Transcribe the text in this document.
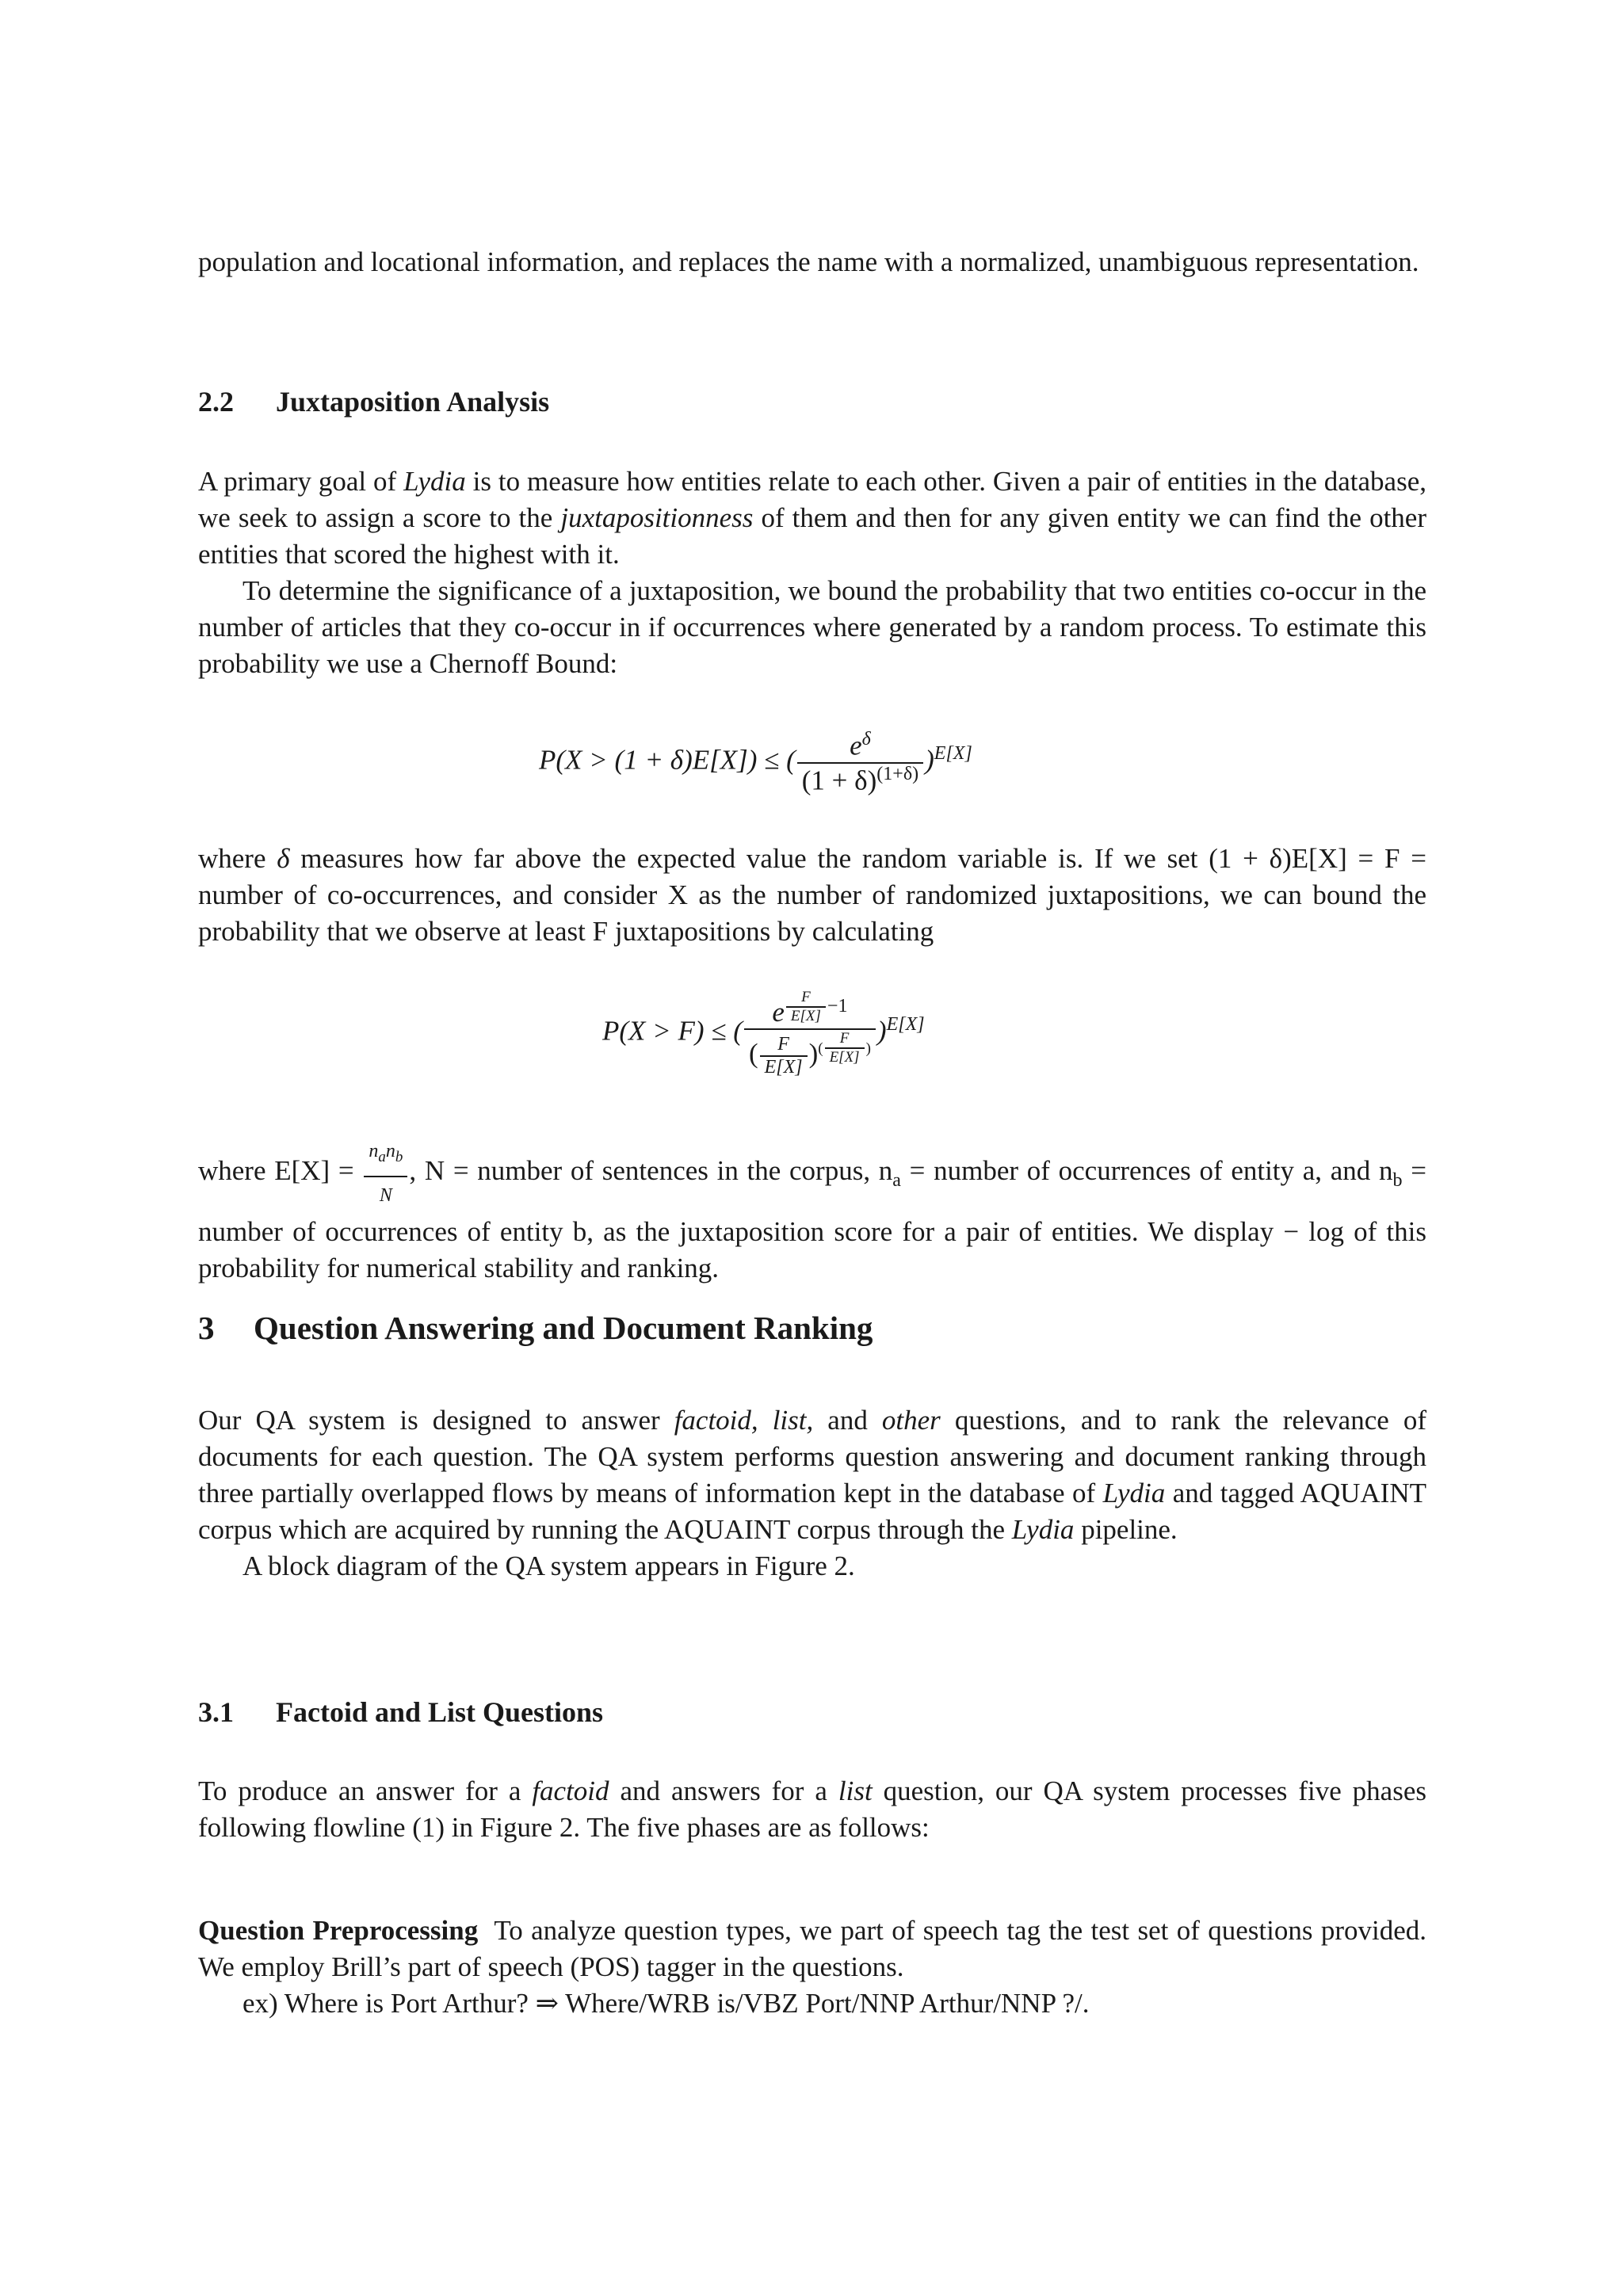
population and locational information, and replaces the name with a normalized, unambiguous representation.

2.2 Juxtaposition Analysis

A primary goal of Lydia is to measure how entities relate to each other. Given a pair of entities in the database, we seek to assign a score to the juxtapositionness of them and then for any given entity we can find the other entities that scored the highest with it.

To determine the significance of a juxtaposition, we bound the probability that two entities co-occur in the number of articles that they co-occur in if occurrences where generated by a random process. To estimate this probability we use a Chernoff Bound:

P(X > (1 + δ)E[X]) ≤ ( $\frac{e^\delta}{(1 + \delta)^{(1+\delta)}} )^{E[X]}$

where δ measures how far above the expected value the random variable is. If we set (1 + δ)E[X] = F = number of co-occurrences, and consider X as the number of randomized juxtapositions, we can bound the probability that we observe at least F juxtapositions by calculating

P(X > F) ≤ ( e $^{\frac{F}{E[X]} -1}$
( $\frac{F}{E[X]} )^{( \frac{F}{E[X]} )}$ )$^{E[X]}$

where $E[X] = \frac{n_an_b}{N}$ , N = number of sentences in the corpus, $n_a$ = number of occurrences of entity a, and $n_b$ = number of occurrences of entity b, as the juxtaposition score for a pair of entities. We display − log of this probability for numerical stability and ranking.

3 Question Answering and Document Ranking

Our QA system is designed to answer factoid, list, and other questions, and to rank the relevance of documents for each question. The QA system performs question answering and document ranking through three partially overlapped flows by means of information kept in the database of Lydia and tagged AQUAINT corpus which are acquired by running the AQUAINT corpus through the Lydia pipeline.

A block diagram of the QA system appears in Figure 2.

3.1 Factoid and List Questions

To produce an answer for a factoid and answers for a list question, our QA system processes five phases following flowline (1) in Figure 2. The five phases are as follows:

Question Preprocessing To analyze question types, we part of speech tag the test set of questions provided. We employ Brill’s part of speech (POS) tagger in the questions.

ex) Where is Port Arthur? ⇒ Where/WRB is/VBZ Port/NNP Arthur/NNP ?/.
